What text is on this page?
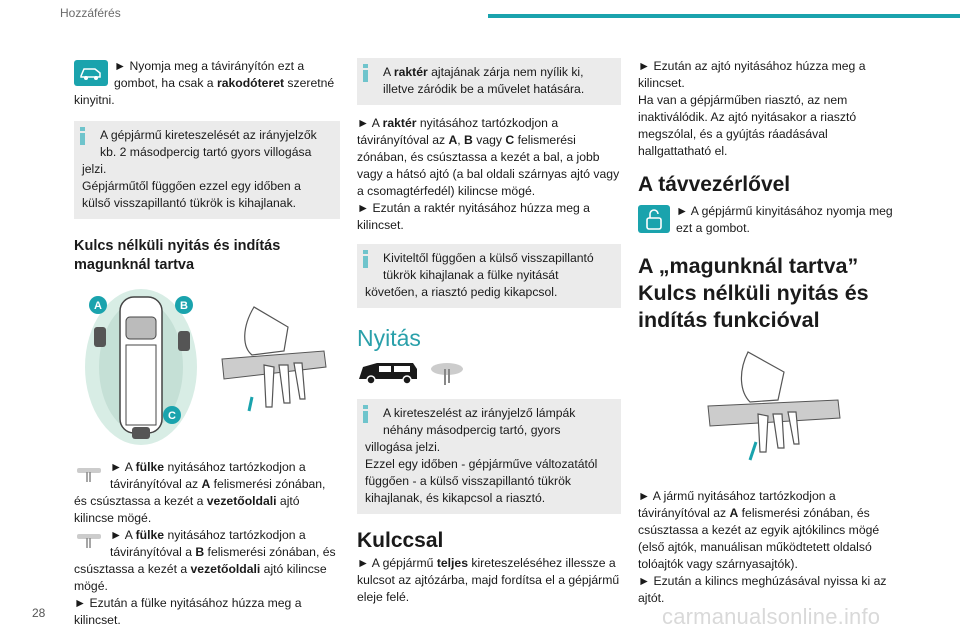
Hozzáférés

► Nyomja meg a távirányítón ezt a
gombot, ha csak a rakodóteret szeretné
kinyitni.

A gépjármű kireteszelését az irányjelzők

kb. 2 másodpercig tartó gyors villogása

jelzi.

Gépjárműtől függően ezzel egy időben a

külső visszapillantó tükrök is kihajlanak.

Kulcs nélküli nyitás és indítás magunknál tartva

A	B
C

► A fülke nyitásához tartózkodjon a
távirányítóval az A felismerési zónában,
és csúsztassa a kezét a vezetőoldali ajtó
kilincse mögé.

► A fülke nyitásához tartózkodjon a
távirányítóval a B felismerési zónában, és
csúsztassa a kezét a vezetőoldali ajtó kilincse
mögé.
► Ezután a fülke nyitásához húzza meg a
kilincset.

A raktér ajtajának zárja nem nyílik ki,

illetve záródik be a művelet hatására.

► A raktér nyitásához tartózkodjon a
távirányítóval az A, B vagy C felismerési
zónában, és csúsztassa a kezét a bal, a jobb
vagy a hátsó ajtó (a bal oldali szárnyas ajtó vagy
a csomagtérfedél) kilincse mögé.
► Ezután a raktér nyitásához húzza meg a
kilincset.

Kiviteltől függően a külső visszapillantó

tükrök kihajlanak a fülke nyitását

követően, a riasztó pedig kikapcsol.

Nyitás

A kireteszelést az irányjelző lámpák

néhány másodpercig tartó, gyors

villogása jelzi.

Ezzel egy időben - gépjárműve változatától

függően - a külső visszapillantó tükrök

kihajlanak, és kikapcsol a riasztó.

Kulccsal

► A gépjármű teljes kireteszeléséhez illessze a
kulcsot az ajtózárba, majd fordítsa el a gépjármű
eleje felé.

► Ezután az ajtó nyitásához húzza meg a
kilincset.
Ha van a gépjárműben riasztó, az nem
inaktiválódik. Az ajtó nyitásakor a riasztó
megszólal, és a gyújtás ráadásával
hallgattatható el.

A távvezérlővel

► A gépjármű kinyitásához nyomja meg
ezt a gombot.

A „magunknál tartva” Kulcs nélküli nyitás és indítás funkcióval

► A jármű nyitásához tartózkodjon a
távirányítóval az A felismerési zónában, és
csúsztassa a kezét az egyik ajtókilincs mögé
(első ajtók, manuálisan működtetett oldalsó
tolóajtók vagy szárnyasajtók).
► Ezután a kilincs meghúzásával nyissa ki az
ajtót.

28	carmanualsonline.info
